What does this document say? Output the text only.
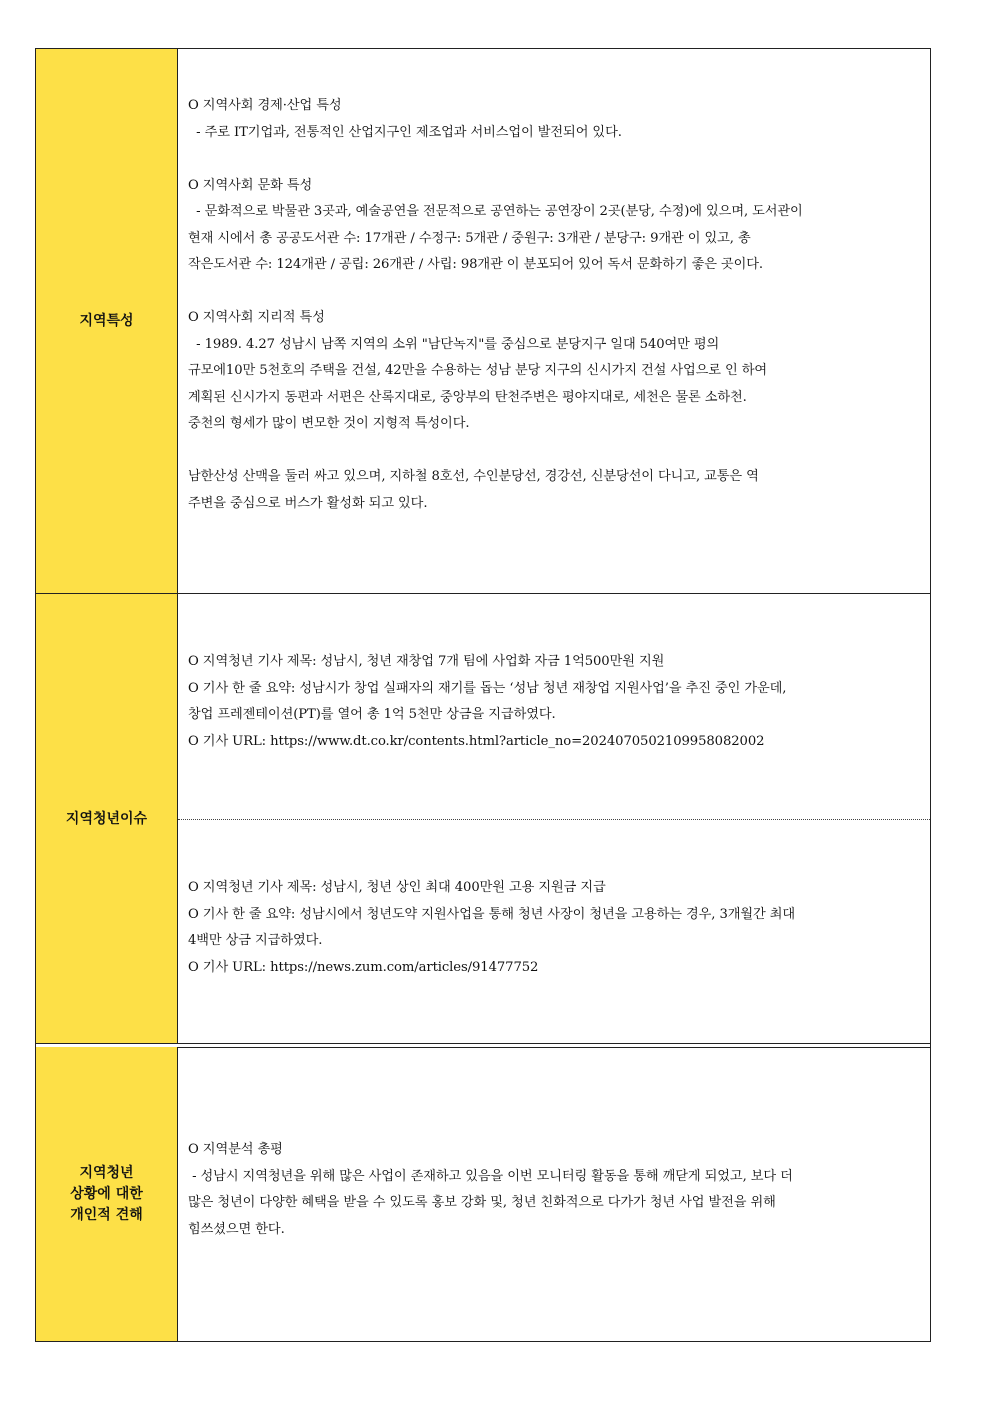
지역특성
O 지역사회 경제·산업 특성
- 주로 IT기업과, 전통적인 산업지구인 제조업과 서비스업이 발전되어 있다.
O 지역사회 문화 특성
- 문화적으로 박물관 3곳과, 예술공연을 전문적으로 공연하는 공연장이 2곳(분당, 수정)에 있으며, 도서관이
현재 시에서 총 공공도서관 수: 17개관 / 수정구: 5개관 / 중원구: 3개관 / 분당구: 9개관 이 있고, 총
작은도서관 수: 124개관 / 공립: 26개관 / 사립: 98개관 이 분포되어 있어 독서 문화하기 좋은 곳이다.
O 지역사회 지리적 특성
- 1989. 4.27 성남시 남쪽 지역의 소위 "남단녹지"를 중심으로 분당지구 일대 540여만 평의
규모에10만 5천호의 주택을 건설, 42만을 수용하는 성남 분당 지구의 신시가지 건설 사업으로 인 하여
계획된 신시가지 동편과 서편은 산록지대로, 중앙부의 탄천주변은 평야지대로, 세천은 물론 소하천.
중천의 형세가 많이 변모한 것이 지형적 특성이다.
남한산성 산맥을 둘러 싸고 있으며, 지하철 8호선, 수인분당선, 경강선, 신분당선이 다니고, 교통은 역
주변을 중심으로 버스가 활성화 되고 있다.
지역청년이슈
O 지역청년 기사 제목: 성남시, 청년 재창업 7개 팀에 사업화 자금 1억500만원 지원
O 기사 한 줄 요약: 성남시가 창업 실패자의 재기를 돕는 ‘성남 청년 재창업 지원사업’을 추진 중인 가운데,
창업 프레젠테이션(PT)를 열어 총 1억 5천만 상금을 지급하였다.
O 기사 URL: https://www.dt.co.kr/contents.html?article_no=2024070502109958082002
O 지역청년 기사 제목: 성남시, 청년 상인 최대 400만원 고용 지원금 지급
O 기사 한 줄 요약: 성남시에서 청년도약 지원사업을 통해 청년 사장이 청년을 고용하는 경우, 3개월간 최대
4백만 상금 지급하였다.
O 기사 URL: https://news.zum.com/articles/91477752
지역청년
상황에 대한
개인적 견해
O 지역분석 총평
- 성남시 지역청년을 위해 많은 사업이 존재하고 있음을 이번 모니터링 활동을 통해 깨닫게 되었고, 보다 더
많은 청년이 다양한 혜택을 받을 수 있도록 홍보 강화 및, 청년 친화적으로 다가가 청년 사업 발전을 위해
힘쓰셨으면 한다.
